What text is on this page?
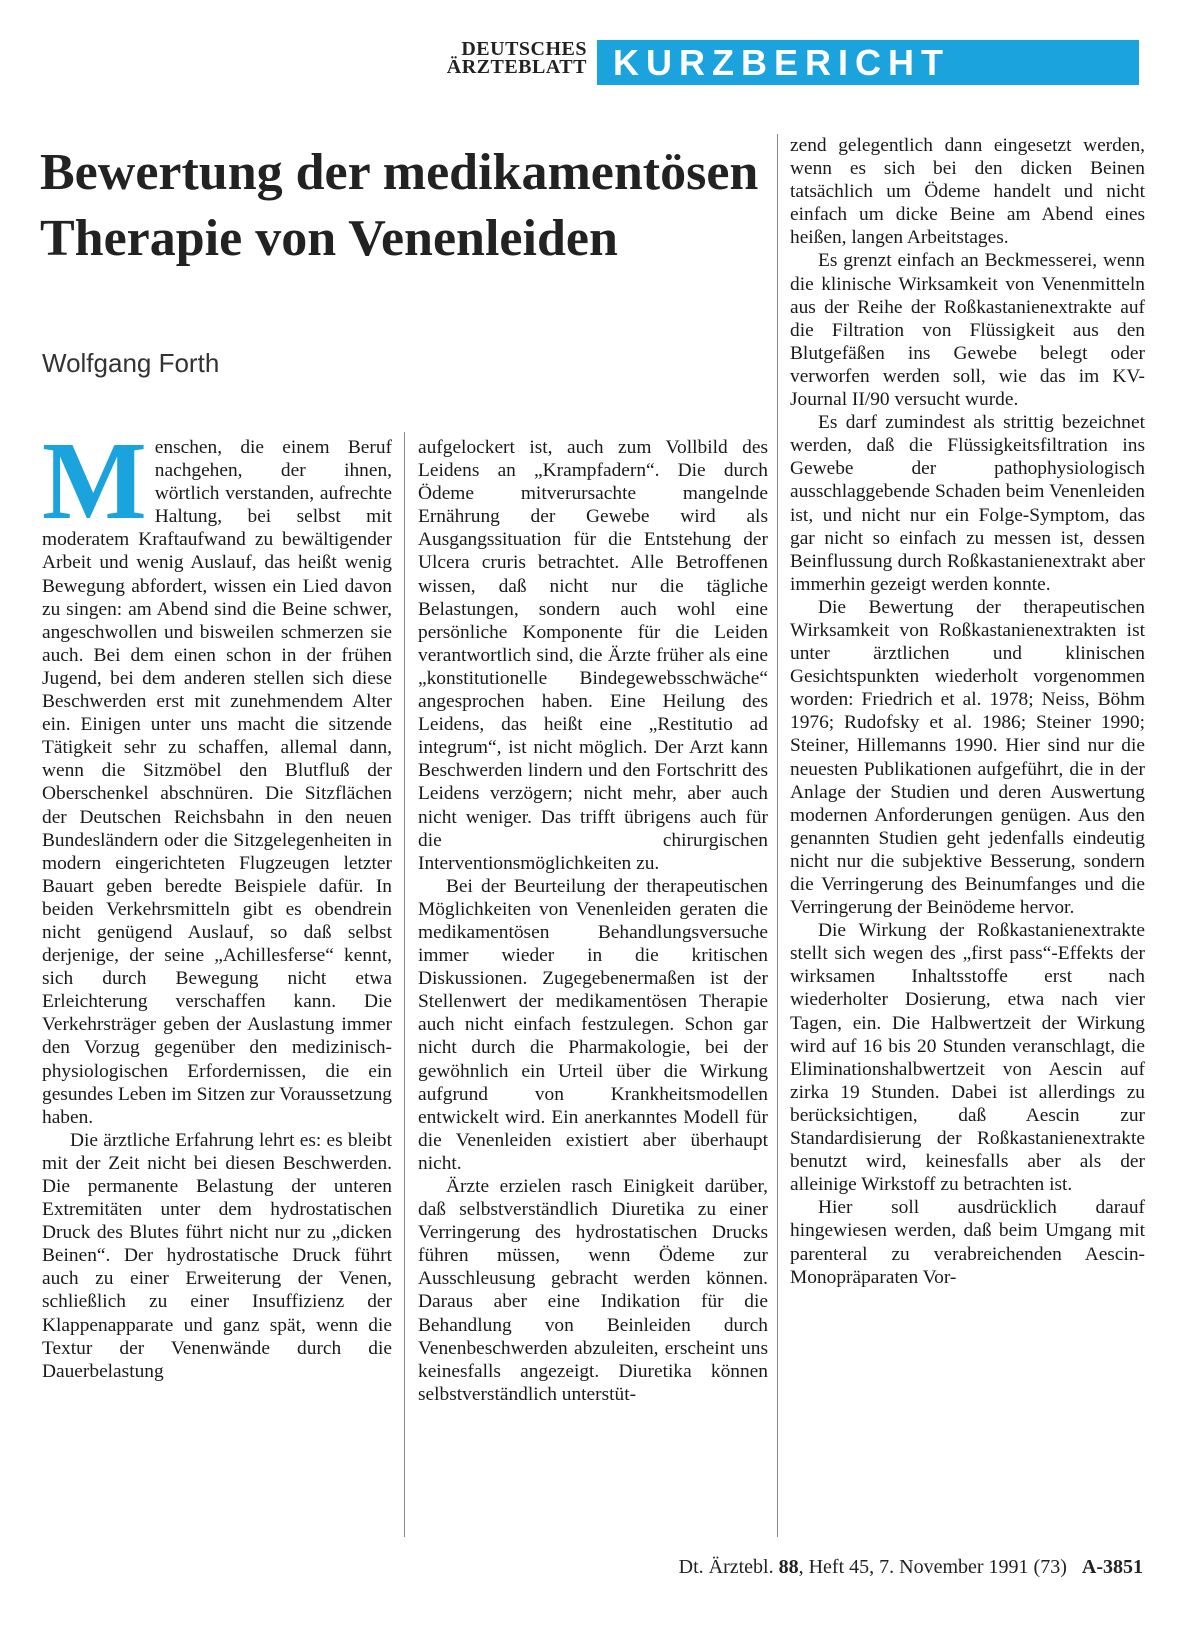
DEUTSCHES
ÄRZTEBLATT KURZBERICHT
Bewertung der medikamentösen Therapie von Venenleiden
Wolfgang Forth

Menschen, die einem Beruf nachgehen, der ihnen, wörtlich verstanden, aufrechte Haltung, bei selbst mit moderatem Kraftaufwand zu bewältigender Arbeit und wenig Auslauf, das heißt wenig Bewegung abfordert, wissen ein Lied davon zu singen: am Abend sind die Beine schwer, angeschwollen und bisweilen schmerzen sie auch. Bei dem einen schon in der frühen Jugend, bei dem anderen stellen sich diese Beschwerden erst mit zunehmendem Alter ein. Einigen unter uns macht die sitzende Tätigkeit sehr zu schaffen, allemal dann, wenn die Sitzmöbel den Blutfluß der Oberschenkel abschnüren. Die Sitzflächen der Deutschen Reichsbahn in den neuen Bundesländern oder die Sitzgelegenheiten in modern eingerichteten Flugzeugen letzter Bauart geben beredte Beispiele dafür. In beiden Verkehrsmitteln gibt es obendrein nicht genügend Auslauf, so daß selbst derjenige, der seine „Achillesferse“ kennt, sich durch Bewegung nicht etwa Erleichterung verschaffen kann. Die Verkehrsträger geben der Auslastung immer den Vorzug gegenüber den medizinisch-physiologischen Erfordernissen, die ein gesundes Leben im Sitzen zur Voraussetzung haben.

Die ärztliche Erfahrung lehrt es: es bleibt mit der Zeit nicht bei diesen Beschwerden. Die permanente Belastung der unteren Extremitäten unter dem hydrostatischen Druck des Blutes führt nicht nur zu „dicken Beinen“. Der hydrostatische Druck führt auch zu einer Erweiterung der Venen, schließlich zu einer Insuffizienz der Klappenapparate und ganz spät, wenn die Textur der Venenwände durch die Dauerbelastung

aufgelockert ist, auch zum Vollbild des Leidens an „Krampfadern“. Die durch Ödeme mitverursachte mangelnde Ernährung der Gewebe wird als Ausgangssituation für die Entstehung der Ulcera cruris betrachtet. Alle Betroffenen wissen, daß nicht nur die tägliche Belastungen, sondern auch wohl eine persönliche Komponente für die Leiden verantwortlich sind, die Ärzte früher als eine „konstitutionelle Bindegewebsschwäche“ angesprochen haben. Eine Heilung des Leidens, das heißt eine „Restitutio ad integrum“, ist nicht möglich. Der Arzt kann Beschwerden lindern und den Fortschritt des Leidens verzögern; nicht mehr, aber auch nicht weniger. Das trifft übrigens auch für die chirurgischen Interventionsmöglichkeiten zu.

Bei der Beurteilung der therapeutischen Möglichkeiten von Venenleiden geraten die medikamentösen Behandlungsversuche immer wieder in die kritischen Diskussionen. Zugegebenermaßen ist der Stellenwert der medikamentösen Therapie auch nicht einfach festzulegen. Schon gar nicht durch die Pharmakologie, bei der gewöhnlich ein Urteil über die Wirkung aufgrund von Krankheitsmodellen entwickelt wird. Ein anerkanntes Modell für die Venenleiden existiert aber überhaupt nicht.

Ärzte erzielen rasch Einigkeit darüber, daß selbstverständlich Diuretika zu einer Verringerung des hydrostatischen Drucks führen müssen, wenn Ödeme zur Ausschleusung gebracht werden können. Daraus aber eine Indikation für die Behandlung von Beinleiden durch Venenbeschwerden abzuleiten, erscheint uns keinesfalls angezeigt. Diuretika können selbstverständlich unterstüt-

zend gelegentlich dann eingesetzt werden, wenn es sich bei den dicken Beinen tatsächlich um Ödeme handelt und nicht einfach um dicke Beine am Abend eines heißen, langen Arbeitstages.

Es grenzt einfach an Beckmesserei, wenn die klinische Wirksamkeit von Venenmitteln aus der Reihe der Roßkastanienextrakte auf die Filtration von Flüssigkeit aus den Blutgefäßen ins Gewebe belegt oder verworfen werden soll, wie das im KV-Journal II/90 versucht wurde.

Es darf zumindest als strittig bezeichnet werden, daß die Flüssigkeitsfiltration ins Gewebe der pathophysiologisch ausschlaggebende Schaden beim Venenleiden ist, und nicht nur ein Folge-Symptom, das gar nicht so einfach zu messen ist, dessen Beinflussung durch Roßkastanienextrakt aber immerhin gezeigt werden konnte.

Die Bewertung der therapeutischen Wirksamkeit von Roßkastanienextrakten ist unter ärztlichen und klinischen Gesichtspunkten wiederholt vorgenommen worden: Friedrich et al. 1978; Neiss, Böhm 1976; Rudofsky et al. 1986; Steiner 1990; Steiner, Hillemanns 1990. Hier sind nur die neuesten Publikationen aufgeführt, die in der Anlage der Studien und deren Auswertung modernen Anforderungen genügen. Aus den genannten Studien geht jedenfalls eindeutig nicht nur die subjektive Besserung, sondern die Verringerung des Beinumfanges und die Verringerung der Beinödeme hervor.

Die Wirkung der Roßkastanienextrakte stellt sich wegen des „first pass“-Effekts der wirksamen Inhaltsstoffe erst nach wiederholter Dosierung, etwa nach vier Tagen, ein. Die Halbwertzeit der Wirkung wird auf 16 bis 20 Stunden veranschlagt, die Eliminationshalbwertzeit von Aescin auf zirka 19 Stunden. Dabei ist allerdings zu berücksichtigen, daß Aescin zur Standardisierung der Roßkastanienextrakte benutzt wird, keinesfalls aber als der alleinige Wirkstoff zu betrachten ist.

Hier soll ausdrücklich darauf hingewiesen werden, daß beim Umgang mit parenteral zu verabreichenden Aescin-Monopräparaten Vor-

Dt. Ärztebl. 88, Heft 45, 7. November 1991 (73) A-3851
